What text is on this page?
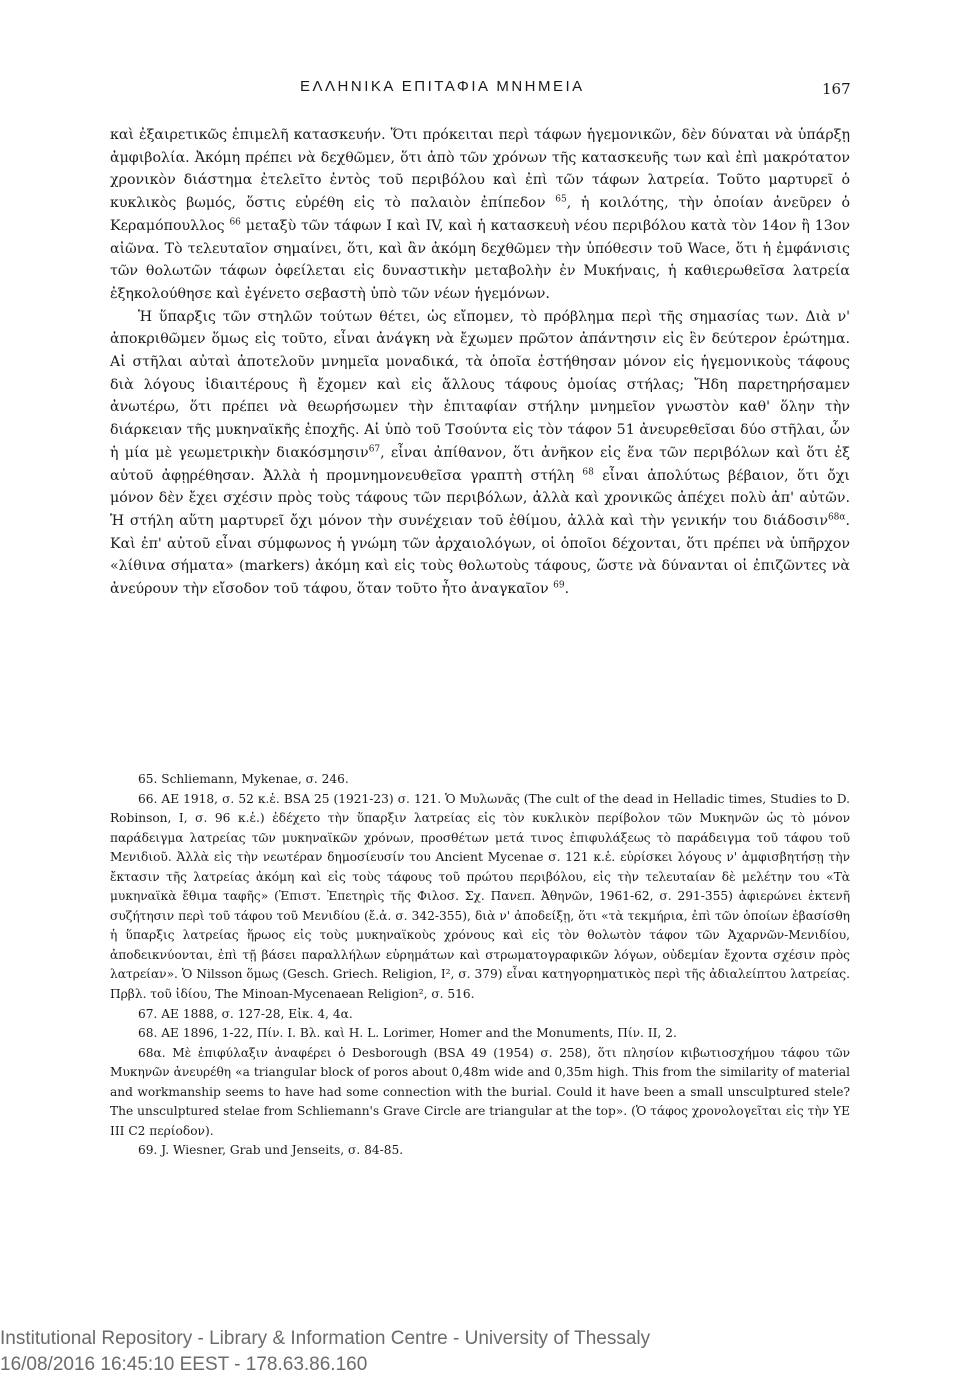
ΕΛΛΗΝΙΚΑ ΕΠΙΤΑΦΙΑ ΜΝΗΜΕΙΑ	167

καὶ ἐξαιρετικῶς ἐπιμελῆ κατασκευήν. Ὅτι πρόκειται περὶ τάφων ἡγεμονικῶν, δὲν δύναται νὰ ὑπάρξῃ ἀμφιβολία. Ἀκόμη πρέπει νὰ δεχθῶμεν, ὅτι ἀπὸ τῶν χρόνων τῆς κατασκευῆς των καὶ ἐπὶ μακρότατον χρονικὸν διάστημα ἐτελεῖτο ἐντὸς τοῦ περιβόλου καὶ ἐπὶ τῶν τάφων λατρεία. Τοῦτο μαρτυρεῖ ὁ κυκλικὸς βωμός, ὅστις εὑρέθη εἰς τὸ παλαιὸν ἐπίπεδον $^{65}$, ἡ κοιλότης, τὴν ὁποίαν ἀνεῦρεν ὁ Κεραμόπουλλος $^{66}$ μεταξὺ τῶν τάφων I καὶ IV, καὶ ἡ κατασκευὴ νέου περιβόλου κατὰ τὸν 14ον ἢ 13ον αἰῶνα. Τὸ τελευταῖον σημαίνει, ὅτι, καὶ ἂν ἀκόμη δεχθῶμεν τὴν ὑπόθεσιν τοῦ Wace, ὅτι ἡ ἐμφάνισις τῶν θολωτῶν τάφων ὀφείλεται εἰς δυναστικὴν μεταβολὴν ἐν Μυκήναις, ἡ καθιερωθεῖσα λατρεία ἐξηκολούθησε καὶ ἐγένετο σεβαστὴ ὑπὸ τῶν νέων ἡγεμόνων.

Ἡ ὕπαρξις τῶν στηλῶν τούτων θέτει, ὡς εἴπομεν, τὸ πρόβλημα περὶ τῆς σημασίας των. Διὰ ν' ἀποκριθῶμεν ὅμως εἰς τοῦτο, εἶναι ἀνάγκη νὰ ἔχωμεν πρῶτον ἀπάντησιν εἰς ἓν δεύτερον ἐρώτημα. Αἱ στῆλαι αὐταὶ ἀποτελοῦν μνημεῖα μοναδικά, τὰ ὁποῖα ἐστήθησαν μόνον εἰς ἡγεμονικοὺς τάφους διὰ λόγους ἰδιαιτέρους ἢ ἔχομεν καὶ εἰς ἄλλους τάφους ὁμοίας στήλας; Ἤδη παρετηρήσαμεν ἀνωτέρω, ὅτι πρέπει νὰ θεωρήσωμεν τὴν ἐπιταφίαν στήλην μνημεῖον γνωστὸν καθ' ὅλην τὴν διάρκειαν τῆς μυκηναϊκῆς ἐποχῆς. Αἱ ὑπὸ τοῦ Τσούντα εἰς τὸν τάφον 51 ἀνευρεθεῖσαι δύο στῆλαι, ὧν ἡ μία μὲ γεωμετρικὴν διακόσμησιν$^{67}$, εἶναι ἀπίθανον, ὅτι ἀνῆκον εἰς ἕνα τῶν περιβόλων καὶ ὅτι ἐξ αὐτοῦ ἀφῃρέθησαν. Ἀλλὰ ἡ προμνημονευθεῖσα γραπτὴ στήλη $^{68}$ εἶναι ἀπολύτως βέβαιον, ὅτι ὄχι μόνον δὲν ἔχει σχέσιν πρὸς τοὺς τάφους τῶν περιβόλων, ἀλλὰ καὶ χρονικῶς ἀπέχει πολὺ ἀπ' αὐτῶν. Ἡ στήλη αὕτη μαρτυρεῖ ὄχι μόνον τὴν συνέχειαν τοῦ ἐθίμου, ἀλλὰ καὶ τὴν γενικήν του διάδοσιν$^{68\alpha}$. Καὶ ἐπ' αὐτοῦ εἶναι σύμφωνος ἡ γνώμη τῶν ἀρχαιολόγων, οἱ ὁποῖοι δέχονται, ὅτι πρέπει νὰ ὑπῆρχον «λίθινα σήματα» (markers) ἀκόμη καὶ εἰς τοὺς θολωτοὺς τάφους, ὥστε νὰ δύνανται οἱ ἐπιζῶντες νὰ ἀνεύρουν τὴν εἴσοδον τοῦ τάφου, ὅταν τοῦτο ἦτο ἀναγκαῖον $^{69}$.

65. Schliemann, Mykenae, σ. 246.

66. ΑΕ 1918, σ. 52 κ.ἑ. BSA 25 (1921-23) σ. 121. Ὁ Μυλωνᾶς (The cult of the dead in Helladic times, Studies to D. Robinson, I, σ. 96 κ.ἑ.) ἐδέχετο τὴν ὕπαρξιν λατρείας εἰς τὸν κυκλικὸν περίβολον τῶν Μυκηνῶν ὡς τὸ μόνον παράδειγμα λατρείας τῶν μυκηναϊκῶν χρόνων, προσθέτων μετά τινος ἐπιφυλάξεως τὸ παράδειγμα τοῦ τάφου τοῦ Μενιδιοῦ. Ἀλλὰ εἰς τὴν νεωτέραν δημοσίευσίν του Ancient Mycenae σ. 121 κ.ἑ. εὑρίσκει λόγους ν' ἀμφισβητήσῃ τὴν ἔκτασιν τῆς λατρείας ἀκόμη καὶ εἰς τοὺς τάφους τοῦ πρώτου περιβόλου, εἰς τὴν τελευταίαν δὲ μελέτην του «Τὰ μυκηναϊκὰ ἔθιμα ταφῆς» (Ἐπιστ. Ἐπετηρὶς τῆς Φιλοσ. Σχ. Πανεπ. Ἀθηνῶν, 1961-62, σ. 291-355) ἀφιερώνει ἐκτενῆ συζήτησιν περὶ τοῦ τάφου τοῦ Μενιδίου (ἔ.ἀ. σ. 342-355), διὰ ν' ἀποδείξῃ, ὅτι «τὰ τεκμήρια, ἐπὶ τῶν ὁποίων ἐβασίσθη ἡ ὕπαρξις λατρείας ἥρωος εἰς τοὺς μυκηναϊκοὺς χρόνους καὶ εἰς τὸν θολωτὸν τάφον τῶν Ἀχαρνῶν-Μενιδίου, ἀποδεικνύονται, ἐπὶ τῇ βάσει παραλλήλων εὑρημάτων καὶ στρωματογραφικῶν λόγων, οὐδεμίαν ἔχοντα σχέσιν πρὸς λατρείαν». Ὁ Nilsson ὅμως (Gesch. Griech. Religion, I², σ. 379) εἶναι κατηγορηματικὸς περὶ τῆς ἀδιαλείπτου λατρείας. Πρβλ. τοῦ ἰδίου, The Minoan-Mycenaean Religion², σ. 516.

67. AE 1888, σ. 127-28, Εἰκ. 4, 4α.

68. AE 1896, 1-22, Πίν. I. Βλ. καὶ H. L. Lorimer, Homer and the Monuments, Πίν. II, 2.

68α. Μὲ ἐπιφύλαξιν ἀναφέρει ὁ Desborough (BSA 49 (1954) σ. 258), ὅτι πλησίον κιβωτιοσχήμου τάφου τῶν Μυκηνῶν ἀνευρέθη «a triangular block of poros about 0,48m wide and 0,35m high. This from the similarity of material and workmanship seems to have had some connection with the burial. Could it have been a small unsculptured stele? The unsculptured stelae from Schliemann's Grave Circle are triangular at the top». (Ὁ τάφος χρονολογεῖται εἰς τὴν ΥΕ III C2 περίοδον).

69. J. Wiesner, Grab und Jenseits, σ. 84-85.

Institutional Repository - Library & Information Centre - University of Thessaly
16/08/2016 16:45:10 EEST - 178.63.86.160
